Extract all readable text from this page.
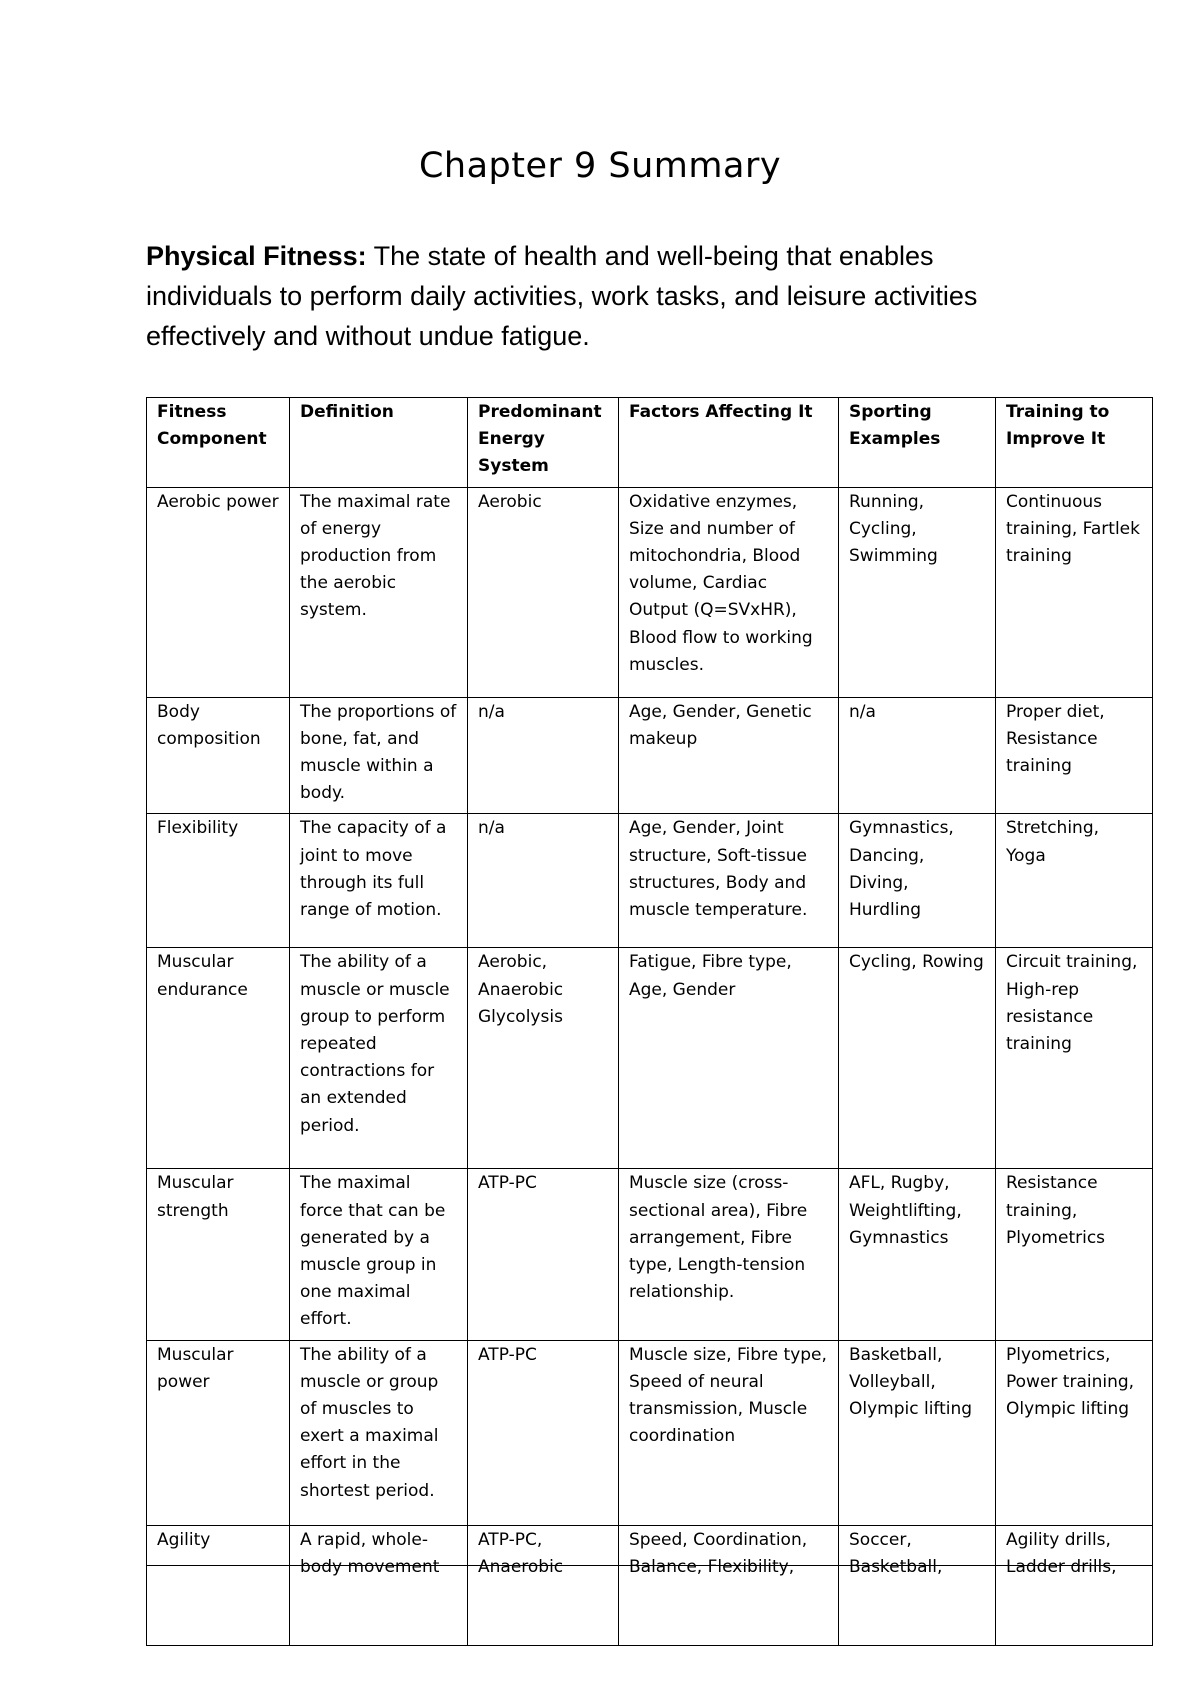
Chapter 9 Summary

Physical Fitness: The state of health and well-being that enables individuals to perform daily activities, work tasks, and leisure activities effectively and without undue fatigue.

Fitness Component	Definition	Predominant Energy System	Factors Affecting It	Sporting Examples	Training to Improve It
Aerobic power	The maximal rate of energy production from the aerobic system.	Aerobic	Oxidative enzymes, Size and number of mitochondria, Blood volume, Cardiac Output (Q=SVxHR), Blood flow to working muscles.	Running, Cycling, Swimming	Continuous training, Fartlek training
Body composition	The proportions of bone, fat, and muscle within a body.	n/a	Age, Gender, Genetic makeup	n/a	Proper diet, Resistance training
Flexibility	The capacity of a joint to move through its full range of motion.	n/a	Age, Gender, Joint structure, Soft-tissue structures, Body and muscle temperature.	Gymnastics, Dancing, Diving, Hurdling	Stretching, Yoga
Muscular endurance	The ability of a muscle or muscle group to perform repeated contractions for an extended period.	Aerobic, Anaerobic Glycolysis	Fatigue, Fibre type, Age, Gender	Cycling, Rowing	Circuit training, High-rep resistance training
Muscular strength	The maximal force that can be generated by a muscle group in one maximal effort.	ATP-PC	Muscle size (cross-sectional area), Fibre arrangement, Fibre type, Length-tension relationship.	AFL, Rugby, Weightlifting, Gymnastics	Resistance training, Plyometrics
Muscular power	The ability of a muscle or group of muscles to exert a maximal effort in the shortest period.	ATP-PC	Muscle size, Fibre type, Speed of neural transmission, Muscle coordination	Basketball, Volleyball, Olympic lifting	Plyometrics, Power training, Olympic lifting
Agility	A rapid, whole-body movement	ATP-PC, Anaerobic	Speed, Coordination, Balance, Flexibility,	Soccer, Basketball,	Agility drills, Ladder drills,
